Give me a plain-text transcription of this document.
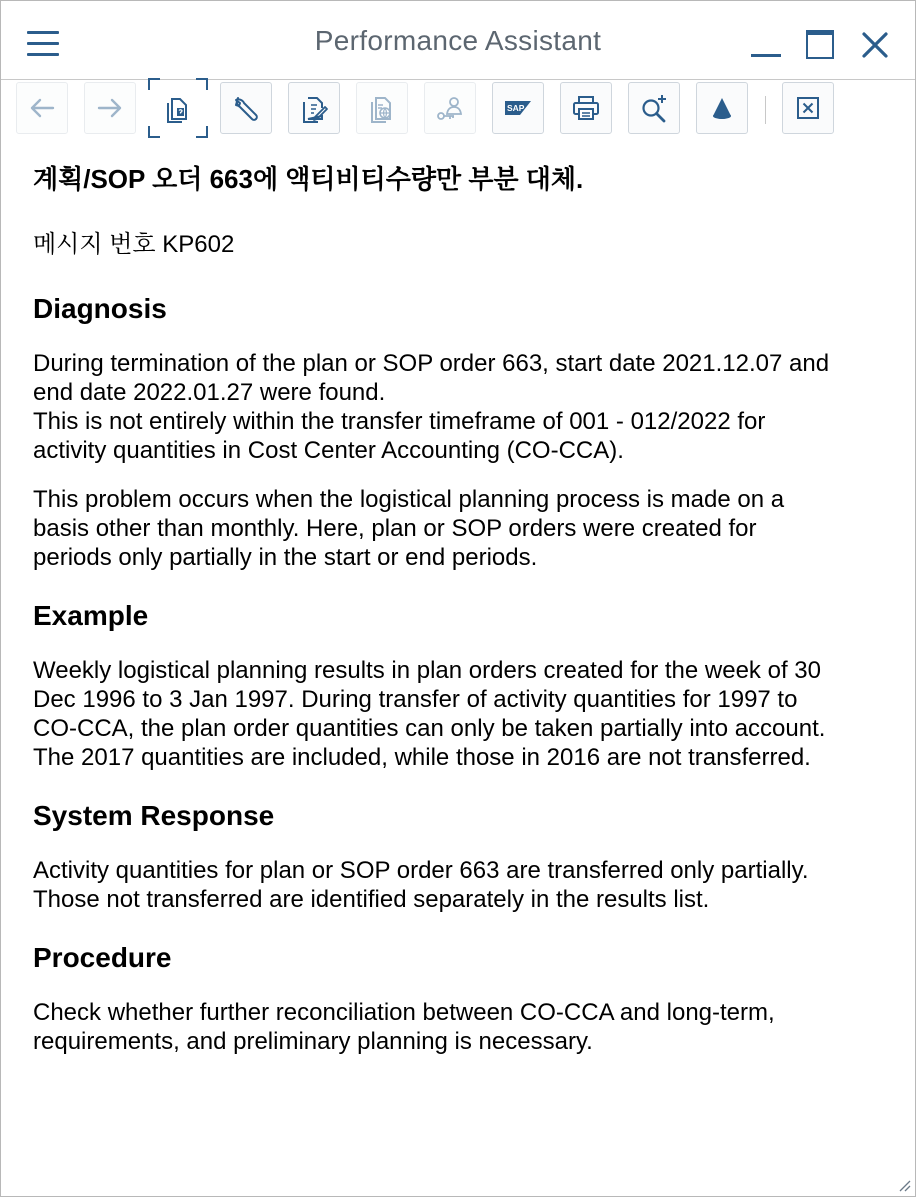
Performance Assistant
SAP
계획/SOP 오더 663에 액티비티수량만 부분 대체.
메시지 번호 KP602
Diagnosis
During termination of the plan or SOP order 663, start date 2021.12.07 and
end date 2022.01.27 were found.
This is not entirely within the transfer timeframe of 001 - 012/2022 for
activity quantities in Cost Center Accounting (CO-CCA).
This problem occurs when the logistical planning process is made on a
basis other than monthly. Here, plan or SOP orders were created for
periods only partially in the start or end periods.
Example
Weekly logistical planning results in plan orders created for the week of 30
Dec 1996 to 3 Jan 1997. During transfer of activity quantities for 1997 to
CO-CCA, the plan order quantities can only be taken partially into account.
The 2017 quantities are included, while those in 2016 are not transferred.
System Response
Activity quantities for plan or SOP order 663 are transferred only partially.
Those not transferred are identified separately in the results list.
Procedure
Check whether further reconciliation between CO-CCA and long-term,
requirements, and preliminary planning is necessary.
